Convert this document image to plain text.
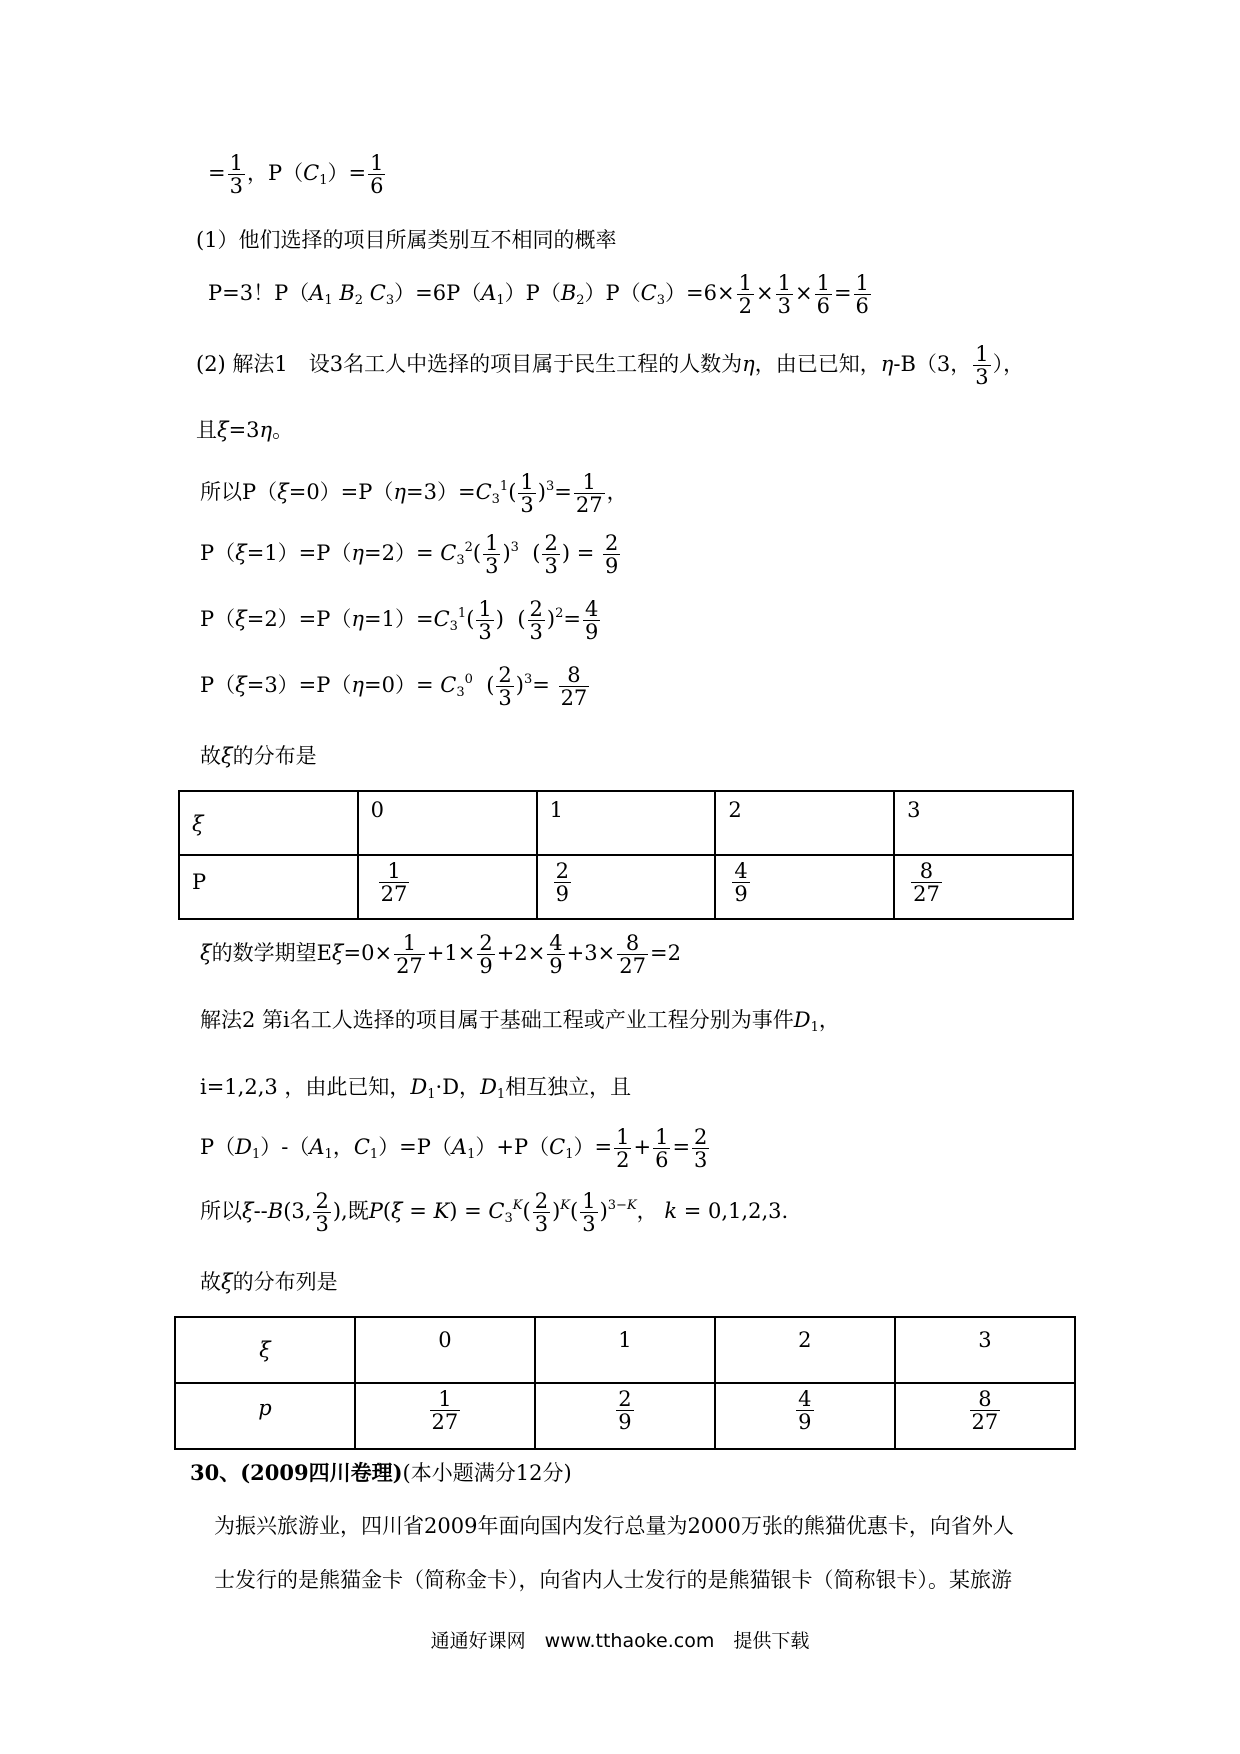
= $\frac{1}{3}$ ，$P(C_1)= \frac{1}{6}$
(1）他们选择的项目所属类别互不相同的概率
P=3！$P(A_1$ $B_2$ $C_3)=6P(A_1)P(B_2)P(C_3)=6\times \frac{1}{2} \times \frac{1}{3} \times \frac{1}{6} = \frac{1}{6}$
(2) 解法1　设3名工人中选择的项目属于民生工程的人数为η，由已已知，η-B（3， $\frac{1}{3}$ ），
且ξ=3η。
所以$P(\xi=0)=P(\eta=3)=C_3^1( \frac{1}{3} )^3= \frac{1}{27}$ ，
$P(\xi=1)=P(\eta=2)= C_3^2( \frac{1}{3} )^3$  ( $\frac{2}{3}$ ) = $\frac{2}{9}$
$P(\xi=2)=P(\eta=1)=C_3^1( \frac{1}{3}$ )  ( $\frac{2}{3} )^2= \frac{4}{9}$
$P(\xi=3)=P(\eta=0)= C_3^0$  ( $\frac{2}{3} )^3= \frac{8}{27}$
故ξ的分布是
ξ	0	1	2	3

P	$\frac{1}{27}$	$\frac{2}{9}$	$\frac{4}{9}$	$\frac{8}{27}$
ξ的数学期望$E\xi=0\times \frac{1}{27} +1\times \frac{2}{9} +2\times \frac{4}{9} +3\times \frac{8}{27} =2$
解法2 第i名工人选择的项目属于基础工程或产业工程分别为事件$D_1$，
i=1,2,3 ，由此已知，$D_1\cdot D$，$D_1$相互独立，且
$P(D_1)-(A_1$，$C_1)=P(A_1)+P(C_1)= \frac{1}{2} + \frac{1}{6} = \frac{2}{3}$
所以ξ--B(3, $\frac{2}{3}$ ),既$P(\xi = K) = C_3^K( \frac{2}{3} )^K( \frac{1}{3} )^{3-K}$， k = 0,1,2,3.
故ξ的分布列是
ξ	0	1	2	3

p	$\frac{1}{27}$	$\frac{2}{9}$	$\frac{4}{9}$	$\frac{8}{27}$
30、(2009四川卷理)(本小题满分12分)
为振兴旅游业，四川省2009年面向国内发行总量为2000万张的熊猫优惠卡，向省外人
士发行的是熊猫金卡（简称金卡），向省内人士发行的是熊猫银卡（简称银卡）。某旅游
通通好课网　www.tthaoke.com　提供下载
